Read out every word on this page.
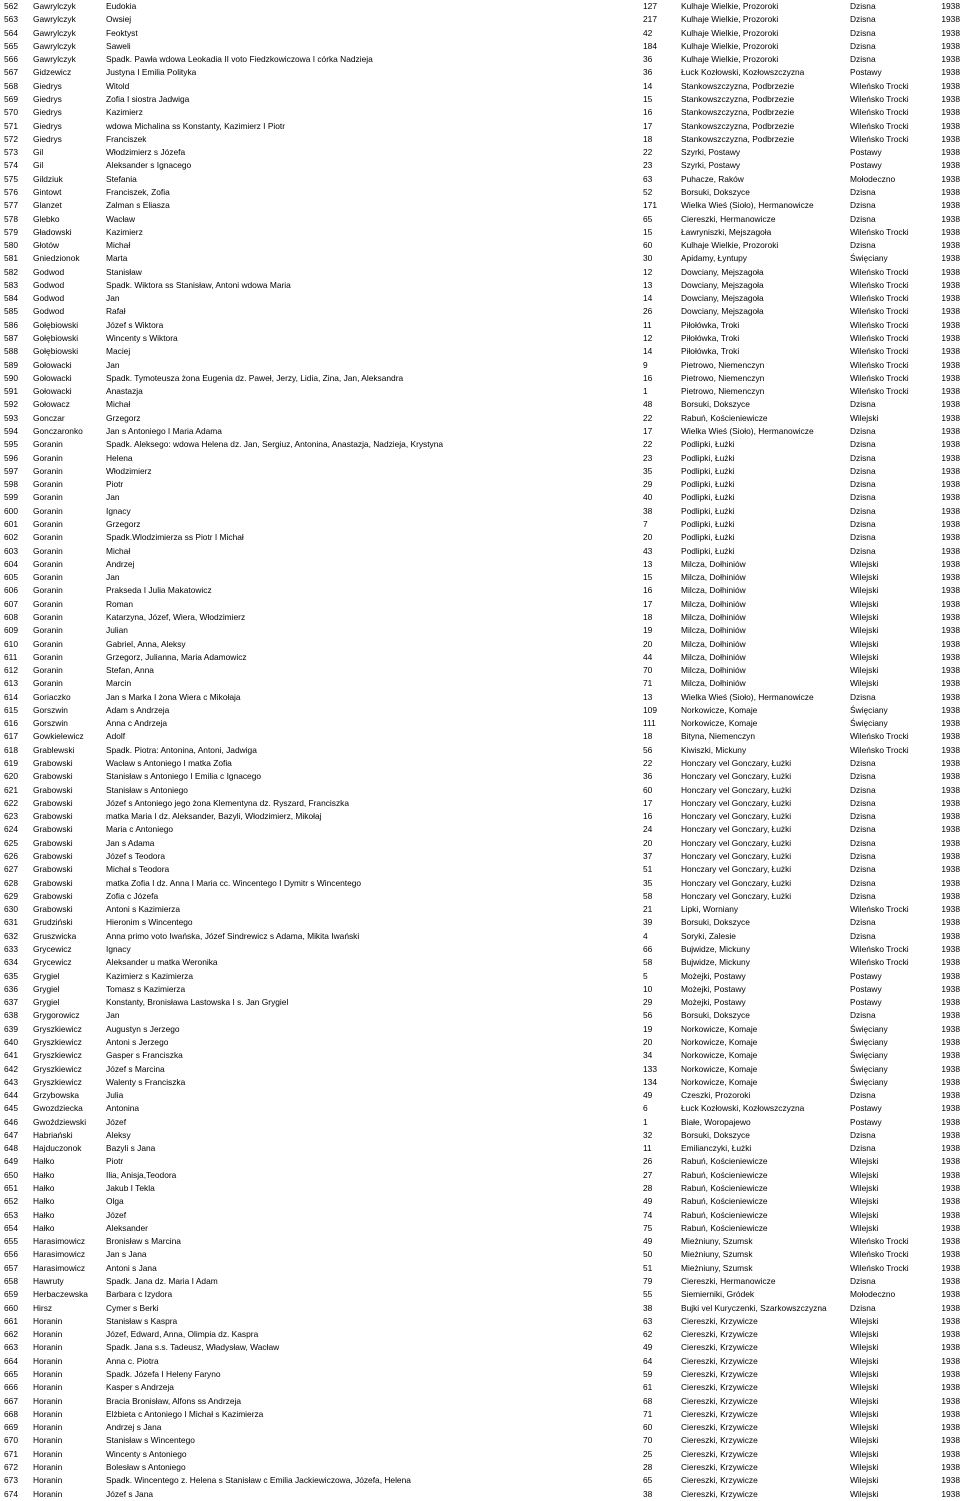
562	Gawrylczyk	Eudokia	127	Kulhaje Wielkie, Prozoroki	Dzisna	1938
563	Gawrylczyk	Owsiej	217	Kulhaje Wielkie, Prozoroki	Dzisna	1938
564	Gawrylczyk	Feoktyst	42	Kulhaje Wielkie, Prozoroki	Dzisna	1938
565	Gawrylczyk	Saweli	184	Kulhaje Wielkie, Prozoroki	Dzisna	1938
566	Gawrylczyk	Spadk. Pawła wdowa Leokadia II voto Fiedzkowiczowa I córka Nadzieja	36	Kulhaje Wielkie, Prozoroki	Dzisna	1938
567	Gidzewicz	Justyna I Emilia Polityka	36	Łuck Kozłowski, Kozłowszczyzna	Postawy	1938
568	Giedrys	Witold	14	Stankowszczyzna, Podbrzezie	Wileńsko Trocki	1938
569	Giedrys	Zofia I siostra Jadwiga	15	Stankowszczyzna, Podbrzezie	Wileńsko Trocki	1938
570	Giedrys	Kazimierz	16	Stankowszczyzna, Podbrzezie	Wileńsko Trocki	1938
571	Giedrys	wdowa Michalina ss Konstanty, Kazimierz I Piotr	17	Stankowszczyzna, Podbrzezie	Wileńsko Trocki	1938
572	Giedrys	Franciszek	18	Stankowszczyzna, Podbrzezie	Wileńsko Trocki	1938
573	Gil	Włodzimierz s Józefa	22	Szyrki, Postawy	Postawy	1938
574	Gil	Aleksander s Ignacego	23	Szyrki, Postawy	Postawy	1938
575	Gildziuk	Stefania	63	Puhacze, Raków	Mołodeczno	1938
576	Gintowt	Franciszek, Zofia	52	Borsuki, Dokszyce	Dzisna	1938
577	Glanzet	Zalman s Eliasza	171	Wielka Wieś (Sioło), Hermanowicze	Dzisna	1938
578	Glebko	Wacław	65	Ciereszki, Hermanowicze	Dzisna	1938
579	Gładowski	Kazimierz	15	Ławryniszki, Mejszagoła	Wileńsko Trocki	1938
580	Głotów	Michał	60	Kulhaje Wielkie, Prozoroki	Dzisna	1938
581	Gniedzionok	Marta	30	Apidamy, Łyntupy	Święciany	1938
582	Godwod	Stanisław	12	Dowciany, Mejszagoła	Wileńsko Trocki	1938
583	Godwod	Spadk. Wiktora ss Stanisław, Antoni wdowa Maria	13	Dowciany, Mejszagoła	Wileńsko Trocki	1938
584	Godwod	Jan	14	Dowciany, Mejszagoła	Wileńsko Trocki	1938
585	Godwod	Rafał	26	Dowciany, Mejszagoła	Wileńsko Trocki	1938
586	Gołębiowski	Józef s Wiktora	11	Piłołówka, Troki	Wileńsko Trocki	1938
587	Gołębiowski	Wincenty s Wiktora	12	Piłołówka, Troki	Wileńsko Trocki	1938
588	Gołębiowski	Maciej	14	Piłołówka, Troki	Wileńsko Trocki	1938
589	Gołowacki	Jan	9	Pietrowo, Niemenczyn	Wileńsko Trocki	1938
590	Gołowacki	Spadk. Tymoteusza żona Eugenia dz. Paweł, Jerzy, Lidia, Zina, Jan, Aleksandra	16	Pietrowo, Niemenczyn	Wileńsko Trocki	1938
591	Gołowacki	Anastazja	1	Pietrowo, Niemenczyn	Wileńsko Trocki	1938
592	Gołowacz	Michał	48	Borsuki, Dokszyce	Dzisna	1938
593	Gonczar	Grzegorz	22	Rabuń, Kościeniewicze	Wilejski	1938
594	Gonczaronko	Jan s Antoniego I Maria Adama	17	Wielka Wieś (Sioło), Hermanowicze	Dzisna	1938
595	Goranin	Spadk. Aleksego: wdowa Helena dz. Jan, Sergiuz, Antonina, Anastazja, Nadzieja, Krystyna	22	Podlipki, Łużki	Dzisna	1938
596	Goranin	Helena	23	Podlipki, Łużki	Dzisna	1938
597	Goranin	Włodzimierz	35	Podlipki, Łużki	Dzisna	1938
598	Goranin	Piotr	29	Podlipki, Łużki	Dzisna	1938
599	Goranin	Jan	40	Podlipki, Łużki	Dzisna	1938
600	Goranin	Ignacy	38	Podlipki, Łużki	Dzisna	1938
601	Goranin	Grzegorz	7	Podlipki, Łużki	Dzisna	1938
602	Goranin	Spadk.Wlodzimierza ss Piotr I Michał	20	Podlipki, Łużki	Dzisna	1938
603	Goranin	Michał	43	Podlipki, Łużki	Dzisna	1938
604	Goranin	Andrzej	13	Milcza, Dołhiniów	Wilejski	1938
605	Goranin	Jan	15	Milcza, Dołhiniów	Wilejski	1938
606	Goranin	Prakseda I Julia Makatowicz	16	Milcza, Dołhiniów	Wilejski	1938
607	Goranin	Roman	17	Milcza, Dołhiniów	Wilejski	1938
608	Goranin	Katarzyna, Józef, Wiera, Włodzimierz	18	Milcza, Dołhiniów	Wilejski	1938
609	Goranin	Julian	19	Milcza, Dołhiniów	Wilejski	1938
610	Goranin	Gabriel, Anna, Aleksy	20	Milcza, Dołhiniów	Wilejski	1938
611	Goranin	Grzegorz, Julianna, Maria Adamowicz	44	Milcza, Dołhiniów	Wilejski	1938
612	Goranin	Stefan, Anna	70	Milcza, Dołhiniów	Wilejski	1938
613	Goranin	Marcin	71	Milcza, Dołhiniów	Wilejski	1938
614	Goriaczko	Jan s Marka I żona Wiera c Mikołaja	13	Wielka Wieś (Sioło), Hermanowicze	Dzisna	1938
615	Gorszwin	Adam s Andrzeja	109	Norkowicze, Komaje	Święciany	1938
616	Gorszwin	Anna c Andrzeja	111	Norkowicze, Komaje	Święciany	1938
617	Gowkielewicz	Adolf	18	Bityna, Niemenczyn	Wileńsko Trocki	1938
618	Grablewski	Spadk. Piotra: Antonina, Antoni, Jadwiga	56	Kiwiszki, Mickuny	Wileńsko Trocki	1938
619	Grabowski	Wacław s Antoniego I matka Zofia	22	Honczary vel Gonczary, Łużki	Dzisna	1938
620	Grabowski	Stanisław s Antoniego I Emilia c Ignacego	36	Honczary vel Gonczary, Łużki	Dzisna	1938
621	Grabowski	Stanisław s Antoniego	60	Honczary vel Gonczary, Łużki	Dzisna	1938
622	Grabowski	Józef s Antoniego jego żona Klementyna dz. Ryszard, Franciszka	17	Honczary vel Gonczary, Łużki	Dzisna	1938
623	Grabowski	matka Maria I dz. Aleksander, Bazyli, Włodzimierz, Mikołaj	16	Honczary vel Gonczary, Łużki	Dzisna	1938
624	Grabowski	Maria c Antoniego	24	Honczary vel Gonczary, Łużki	Dzisna	1938
625	Grabowski	Jan s Adama	20	Honczary vel Gonczary, Łużki	Dzisna	1938
626	Grabowski	Józef s Teodora	37	Honczary vel Gonczary, Łużki	Dzisna	1938
627	Grabowski	Michał s Teodora	51	Honczary vel Gonczary, Łużki	Dzisna	1938
628	Grabowski	matka Zofia I dz. Anna I Maria cc. Wincentego I Dymitr s Wincentego	35	Honczary vel Gonczary, Łużki	Dzisna	1938
629	Grabowski	Zofia c Józefa	58	Honczary vel Gonczary, Łużki	Dzisna	1938
630	Grabowski	Antoni s Kazimierza	21	Lipki, Worniany	Wileńsko Trocki	1938
631	Grudziński	Hieronim s Wincentego	39	Borsuki, Dokszyce	Dzisna	1938
632	Gruszwicka	Anna primo voto Iwańska, Józef Sindrewicz s Adama, Mikita Iwański	4	Soryki, Zalesie	Dzisna	1938
633	Grycewicz	Ignacy	66	Bujwidze, Mickuny	Wileńsko Trocki	1938
634	Grycewicz	Aleksander u matka Weronika	58	Bujwidze, Mickuny	Wileńsko Trocki	1938
635	Grygiel	Kazimierz s Kazimierza	5	Możejki, Postawy	Postawy	1938
636	Grygiel	Tomasz s Kazimierza	10	Możejki, Postawy	Postawy	1938
637	Grygiel	Konstanty, Bronisława Lastowska I s. Jan Grygiel	29	Możejki, Postawy	Postawy	1938
638	Grygorowicz	Jan	56	Borsuki, Dokszyce	Dzisna	1938
639	Gryszkiewicz	Augustyn s Jerzego	19	Norkowicze, Komaje	Święciany	1938
640	Gryszkiewicz	Antoni s Jerzego	20	Norkowicze, Komaje	Święciany	1938
641	Gryszkiewicz	Gasper s Franciszka	34	Norkowicze, Komaje	Święciany	1938
642	Gryszkiewicz	Józef s Marcina	133	Norkowicze, Komaje	Święciany	1938
643	Gryszkiewicz	Walenty s Franciszka	134	Norkowicze, Komaje	Święciany	1938
644	Grzybowska	Julia	49	Czeszki, Prozoroki	Dzisna	1938
645	Gwozdziecka	Antonina	6	Łuck Kozłowski, Kozłowszczyzna	Postawy	1938
646	Gwoździewski	Józef	1	Białe, Woropajewo	Postawy	1938
647	Habriański	Aleksy	32	Borsuki, Dokszyce	Dzisna	1938
648	Hajduczonok	Bazyli s Jana	11	Emilianczyki, Łużki	Dzisna	1938
649	Hałko	Piotr	26	Rabuń, Kościeniewicze	Wilejski	1938
650	Hałko	Ilia, Anisja,Teodora	27	Rabuń, Kościeniewicze	Wilejski	1938
651	Hałko	Jakub I Tekla	28	Rabuń, Kościeniewicze	Wilejski	1938
652	Hałko	Olga	49	Rabuń, Kościeniewicze	Wilejski	1938
653	Hałko	Józef	74	Rabuń, Kościeniewicze	Wilejski	1938
654	Hałko	Aleksander	75	Rabuń, Kościeniewicze	Wilejski	1938
655	Harasimowicz	Bronisław s Marcina	49	Mieżniuny, Szumsk	Wileńsko Trocki	1938
656	Harasimowicz	Jan s Jana	50	Mieżniuny, Szumsk	Wileńsko Trocki	1938
657	Harasimowicz	Antoni s Jana	51	Mieżniuny, Szumsk	Wileńsko Trocki	1938
658	Hawruty	Spadk. Jana dz. Maria I Adam	79	Ciereszki, Hermanowicze	Dzisna	1938
659	Herbaczewska	Barbara c Izydora	55	Siemierniki, Gródek	Mołodeczno	1938
660	Hirsz	Cymer s Berki	38	Bujki vel Kuryczenki, Szarkowszczyzna	Dzisna	1938
661	Horanin	Stanisław s Kaspra	63	Ciereszki, Krzywicze	Wilejski	1938
662	Horanin	Józef, Edward, Anna, Olimpia dz. Kaspra	62	Ciereszki, Krzywicze	Wilejski	1938
663	Horanin	Spadk. Jana s.s. Tadeusz, Władysław, Wacław	49	Ciereszki, Krzywicze	Wilejski	1938
664	Horanin	Anna c. Piotra	64	Ciereszki, Krzywicze	Wilejski	1938
665	Horanin	Spadk. Józefa I Heleny Faryno	59	Ciereszki, Krzywicze	Wilejski	1938
666	Horanin	Kasper s Andrzeja	61	Ciereszki, Krzywicze	Wilejski	1938
667	Horanin	Bracia Bronisław, Alfons ss Andrzeja	68	Ciereszki, Krzywicze	Wilejski	1938
668	Horanin	Elżbieta c Antoniego I Michał s Kazimierza	71	Ciereszki, Krzywicze	Wilejski	1938
669	Horanin	Andrzej s Jana	60	Ciereszki, Krzywicze	Wilejski	1938
670	Horanin	Stanisław s Wincentego	70	Ciereszki, Krzywicze	Wilejski	1938
671	Horanin	Wincenty s Antoniego	25	Ciereszki, Krzywicze	Wilejski	1938
672	Horanin	Bolesław s Antoniego	28	Ciereszki, Krzywicze	Wilejski	1938
673	Horanin	Spadk. Wincentego z. Helena s Stanisław c Emilia Jackiewiczowa, Józefa, Helena	65	Ciereszki, Krzywicze	Wilejski	1938
674	Horanin	Józef s Jana	38	Ciereszki, Krzywicze	Wilejski	1938
